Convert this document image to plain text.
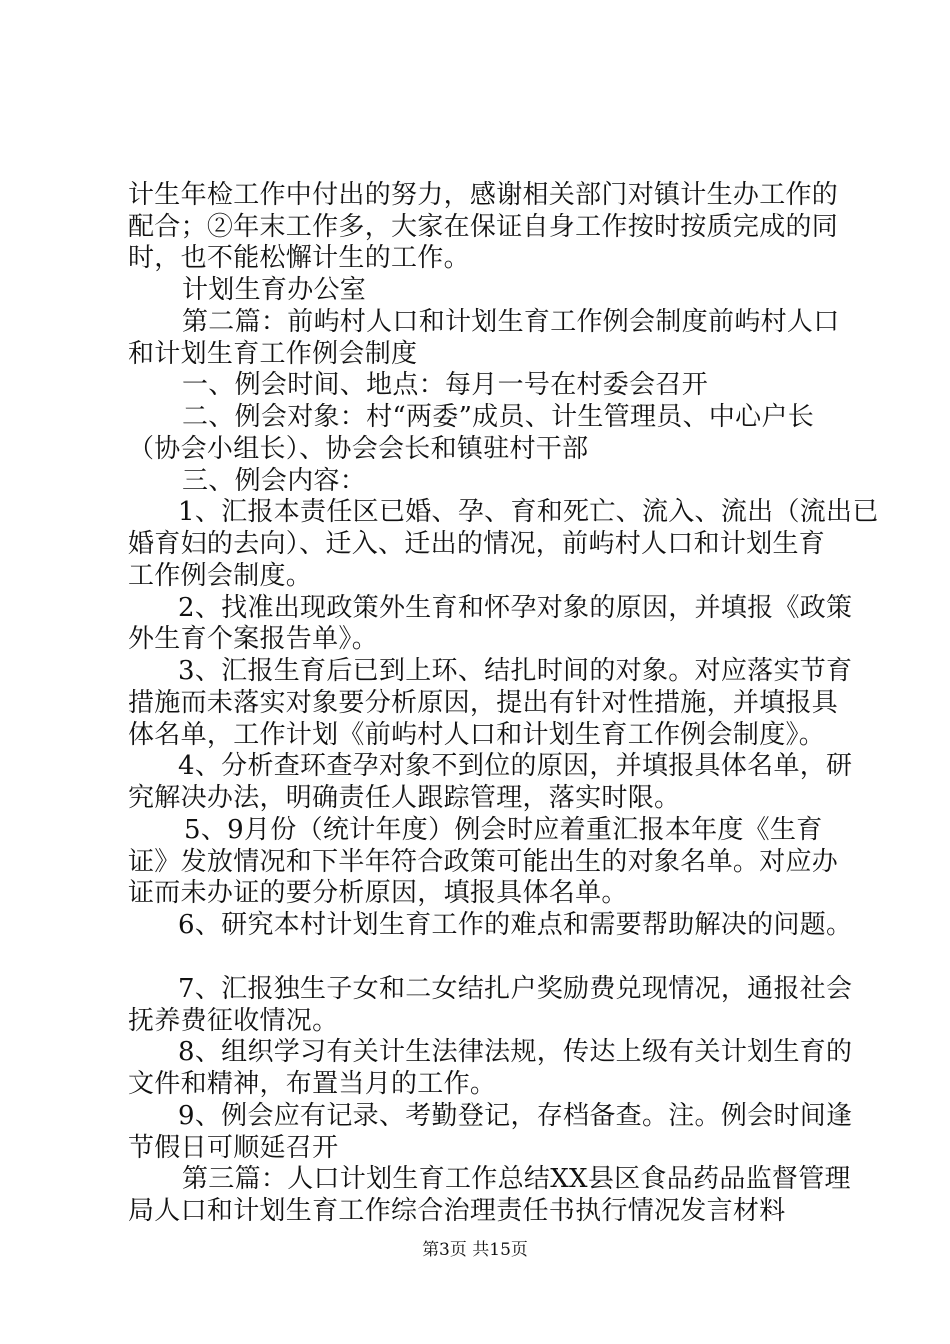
计生年检工作中付出的努力，感谢相关部门对镇计生办工作的
配合；②年末工作多，大家在保证自身工作按时按质完成的同
时，也不能松懈计生的工作。
计划生育办公室
第二篇：前屿村人口和计划生育工作例会制度前屿村人口
和计划生育工作例会制度
一、例会时间、地点：每月一号在村委会召开
二、例会对象：村“两委”成员、计生管理员、中心户长
（协会小组长）、协会会长和镇驻村干部
三、例会内容：
1、汇报本责任区已婚、孕、育和死亡、流入、流出（流出已
婚育妇的去向）、迁入、迁出的情况，前屿村人口和计划生育
工作例会制度。
2、找准出现政策外生育和怀孕对象的原因，并填报《政策
外生育个案报告单》。
3、汇报生育后已到上环、结扎时间的对象。对应落实节育
措施而未落实对象要分析原因，提出有针对性措施，并填报具
体名单，工作计划《前屿村人口和计划生育工作例会制度》。
4、分析查环查孕对象不到位的原因，并填报具体名单，研
究解决办法，明确责任人跟踪管理，落实时限。
5、9月份（统计年度）例会时应着重汇报本年度《生育
证》发放情况和下半年符合政策可能出生的对象名单。对应办
证而未办证的要分析原因，填报具体名单。
6、研究本村计划生育工作的难点和需要帮助解决的问题。
7、汇报独生子女和二女结扎户奖励费兑现情况，通报社会
抚养费征收情况。
8、组织学习有关计生法律法规，传达上级有关计划生育的
文件和精神，布置当月的工作。
9、例会应有记录、考勤登记，存档备查。注。例会时间逢
节假日可顺延召开
第三篇：人口计划生育工作总结XX县区食品药品监督管理
局人口和计划生育工作综合治理责任书执行情况发言材料
第3页 共15页
